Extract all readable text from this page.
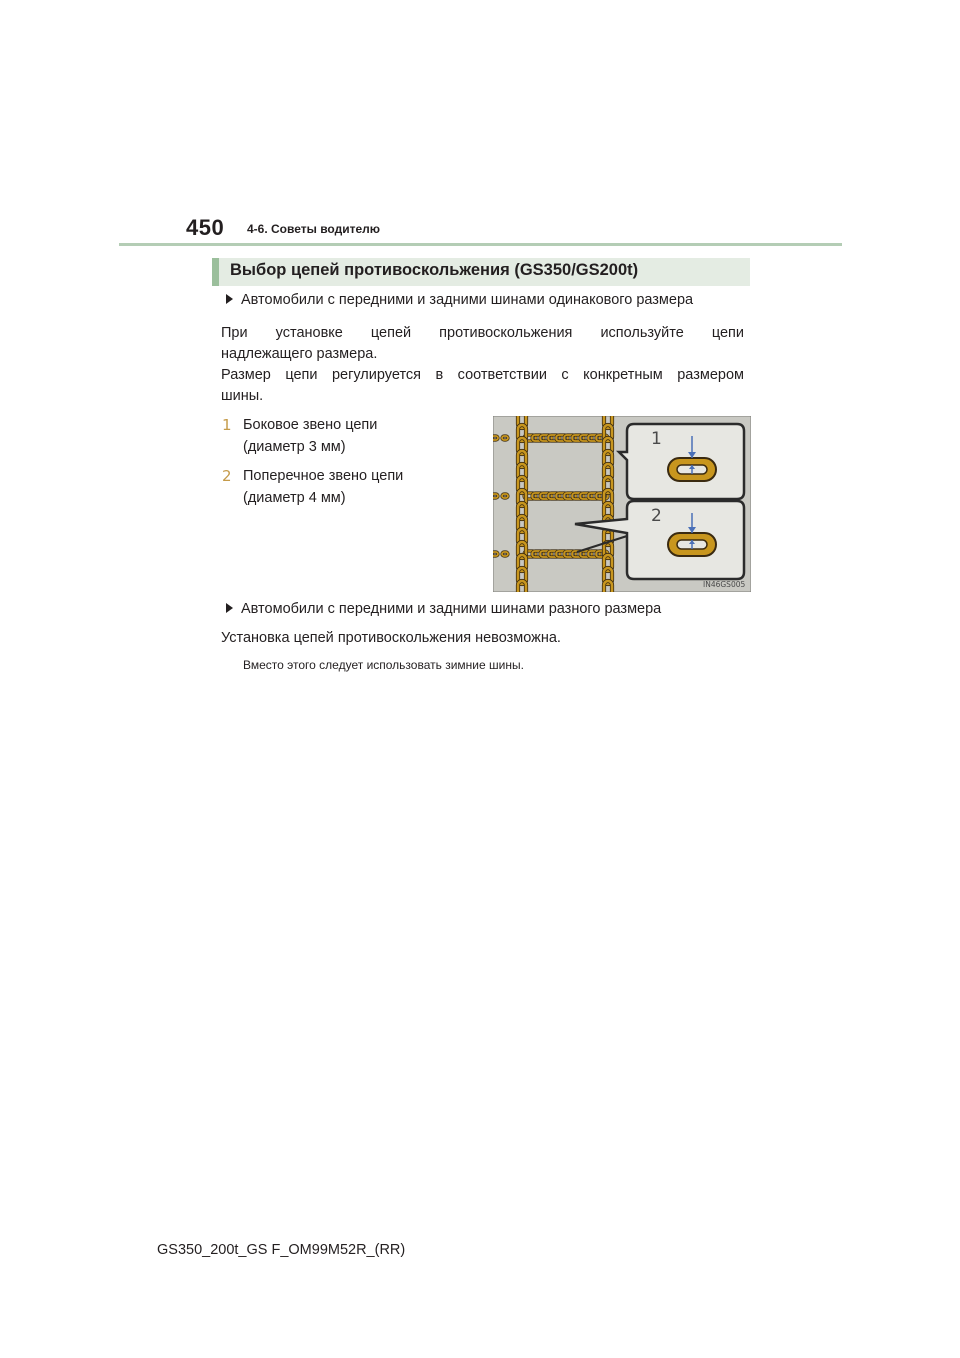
450 4-6. Советы водителю
Выбор цепей противоскольжения (GS350/GS200t)
Автомобили с передними и задними шинами одинакового размера
При установке цепей противоскольжения используйте цепи
надлежащего размера.
Размер цепи регулируется в соответствии с конкретным размером
шины.
1 Боковое звено цепи
(диаметр 3 мм)
2 Поперечное звено цепи
(диаметр 4 мм)
1
2
IN46GS005
Автомобили с передними и задними шинами разного размера
Установка цепей противоскольжения невозможна.
Вместо этого следует использовать зимние шины.
GS350_200t_GS F_OM99M52R_(RR)
